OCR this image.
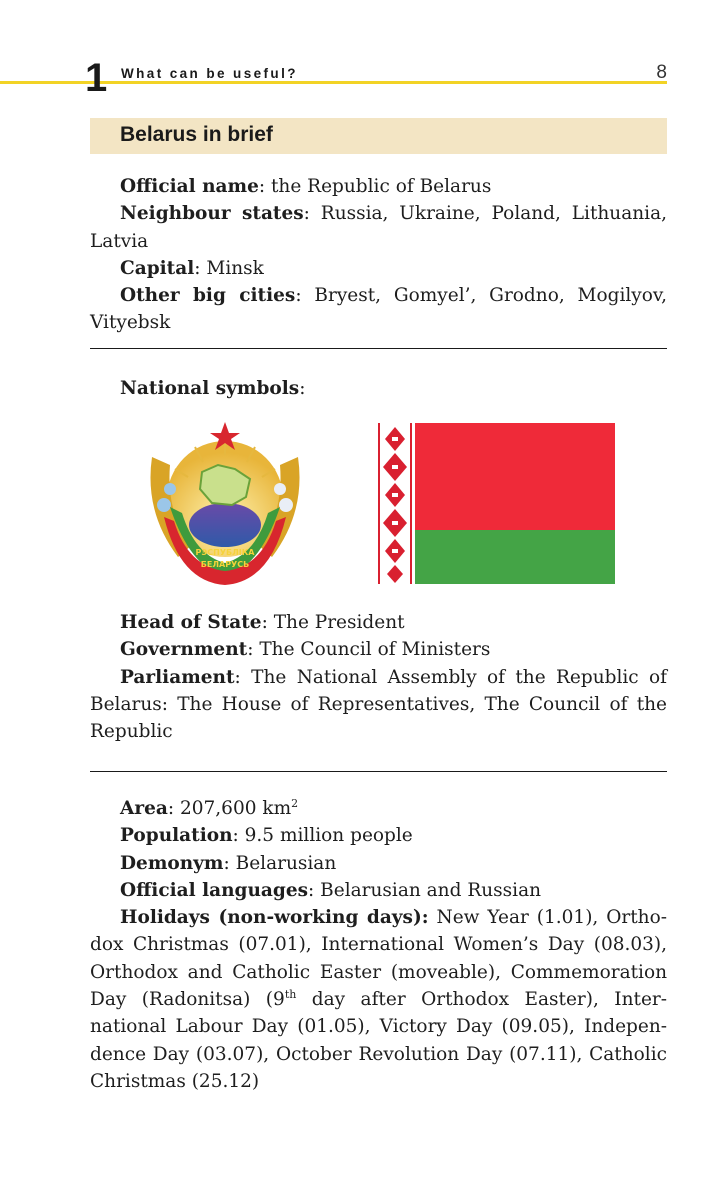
1 What can be useful?	8
Belarus in brief

Official name: the Republic of Belarus

Neighbour states: Russia, Ukraine, Poland, Lithuania, Latvia

Capital: Minsk

Other big cities: Bryest, Gomyel’, Grodno, Mogilyov, Vityebsk

National symbols:

РЭСПУБЛІКА
БЕЛАРУСЬ

Head of State: The President

Government: The Council of Ministers

Parliament: The National Assembly of the Republic of Belarus: The House of Representatives, The Council of the Republic

Area: 207,600 $km^2$

Population: 9.5 million people

Demonym: Belarusian

Official languages: Belarusian and Russian

Holidays (non-working days): New Year (1.01), Orthodox Christmas (07.01), International Women’s Day (08.03), Orthodox and Catholic Easter (moveable), Commemoration Day (Radonitsa) (9th day after Orthodox Easter), International Labour Day (01.05), Victory Day (09.05), Independence Day (03.07), October Revolution Day (07.11), Catholic Christmas (25.12)
